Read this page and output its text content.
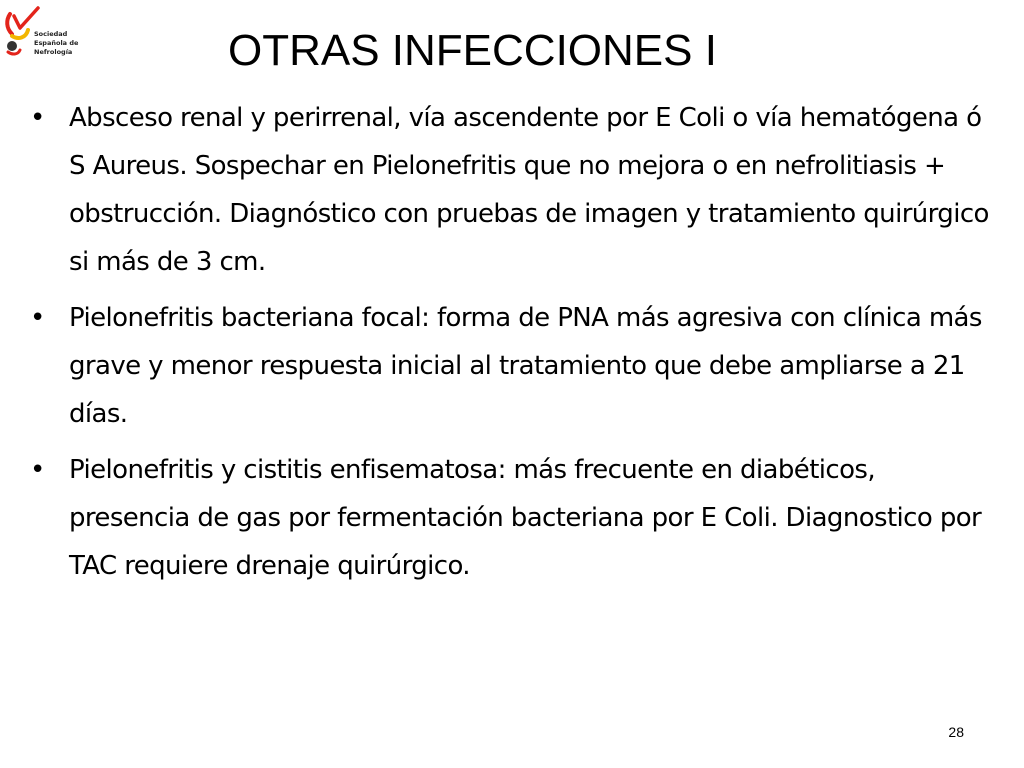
Sociedad
Española de
Nefrología	OTRAS INFECCIONES I
• Absceso renal y perirrenal, vía ascendente por E Coli o vía hematógena ó S Aureus. Sospechar en Pielonefritis que no mejora o en nefrolitiasis + obstrucción. Diagnóstico con pruebas de imagen y tratamiento quirúrgico si más de 3 cm.
• Pielonefritis bacteriana focal: forma de PNA más agresiva con clínica más grave y menor respuesta inicial al tratamiento que debe ampliarse a 21 días.
• Pielonefritis y cistitis enfisematosa: más frecuente en diabéticos, presencia de gas por fermentación bacteriana por E Coli. Diagnostico por TAC requiere drenaje quirúrgico.
28
